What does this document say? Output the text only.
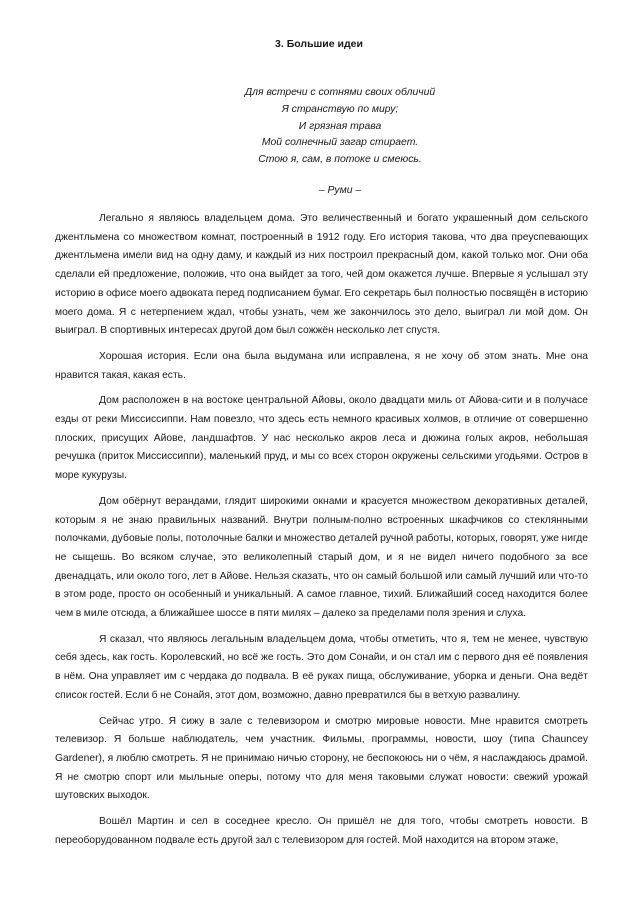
3. Большие идеи
Для встречи с сотнями своих обличий
Я странствую по миру;
И грязная трава
Мой солнечный загар стирает.
Стою я, сам, в потоке и смеюсь.
– Руми –

Легально я являюсь владельцем дома. Это величественный и богато украшенный дом сельского джентльмена со множеством комнат, построенный в 1912 году. Его история такова, что два преуспевающих джентльмена имели вид на одну даму, и каждый из них построил прекрасный дом, какой только мог. Они оба сделали ей предложение, положив, что она выйдет за того, чей дом окажется лучше. Впервые я услышал эту историю в офисе моего адвоката перед подписанием бумаг. Его секретарь был полностью посвящён в историю моего дома. Я с нетерпением ждал, чтобы узнать, чем же закончилось это дело, выиграл ли мой дом. Он выиграл. В спортивных интересах другой дом был сожжён несколько лет спустя.

Хорошая история. Если она была выдумана или исправлена, я не хочу об этом знать. Мне она нравится такая, какая есть.

Дом расположен в на востоке центральной Айовы, около двадцати миль от Айова-сити и в получасе езды от реки Миссиссиппи. Нам повезло, что здесь есть немного красивых холмов, в отличие от совершенно плоских, присущих Айове, ландшафтов. У нас несколько акров леса и дюжина голых акров, небольшая речушка (приток Миссиссиппи), маленький пруд, и мы со всех сторон окружены сельскими угодьями. Остров в море кукурузы.

Дом обёрнут верандами, глядит широкими окнами и красуется множеством декоративных деталей, которым я не знаю правильных названий. Внутри полным-полно встроенных шкафчиков со стеклянными полочками, дубовые полы, потолочные балки и множество деталей ручной работы, которых, говорят, уже нигде не сыщешь. Во всяком случае, это великолепный старый дом, и я не видел ничего подобного за все двенадцать, или около того, лет в Айове. Нельзя сказать, что он самый большой или самый лучший или что-то в этом роде, просто он особенный и уникальный. А самое главное, тихий. Ближайший сосед находится более чем в миле отсюда, а ближайшее шоссе в пяти милях – далеко за пределами поля зрения и слуха.

Я сказал, что являюсь легальным владельцем дома, чтобы отметить, что я, тем не менее, чувствую себя здесь, как гость. Королевский, но всё же гость. Это дом Сонайи, и он стал им с первого дня её появления в нём. Она управляет им с чердака до подвала. В её руках пища, обслуживание, уборка и деньги. Она ведёт список гостей. Если б не Сонайя, этот дом, возможно, давно превратился бы в ветхую развалину.

Сейчас утро. Я сижу в зале с телевизором и смотрю мировые новости. Мне нравится смотреть телевизор. Я больше наблюдатель, чем участник. Фильмы, программы, новости, шоу (типа Chauncey Gardener), я люблю смотреть. Я не принимаю ничью сторону, не беспокоюсь ни о чём, я наслаждаюсь драмой. Я не смотрю спорт или мыльные оперы, потому что для меня таковыми служат новости: свежий урожай шутовских выходок.

Вошёл Мартин и сел в соседнее кресло. Он пришёл не для того, чтобы смотреть новости. В переоборудованном подвале есть другой зал с телевизором для гостей. Мой находится на втором этаже,
